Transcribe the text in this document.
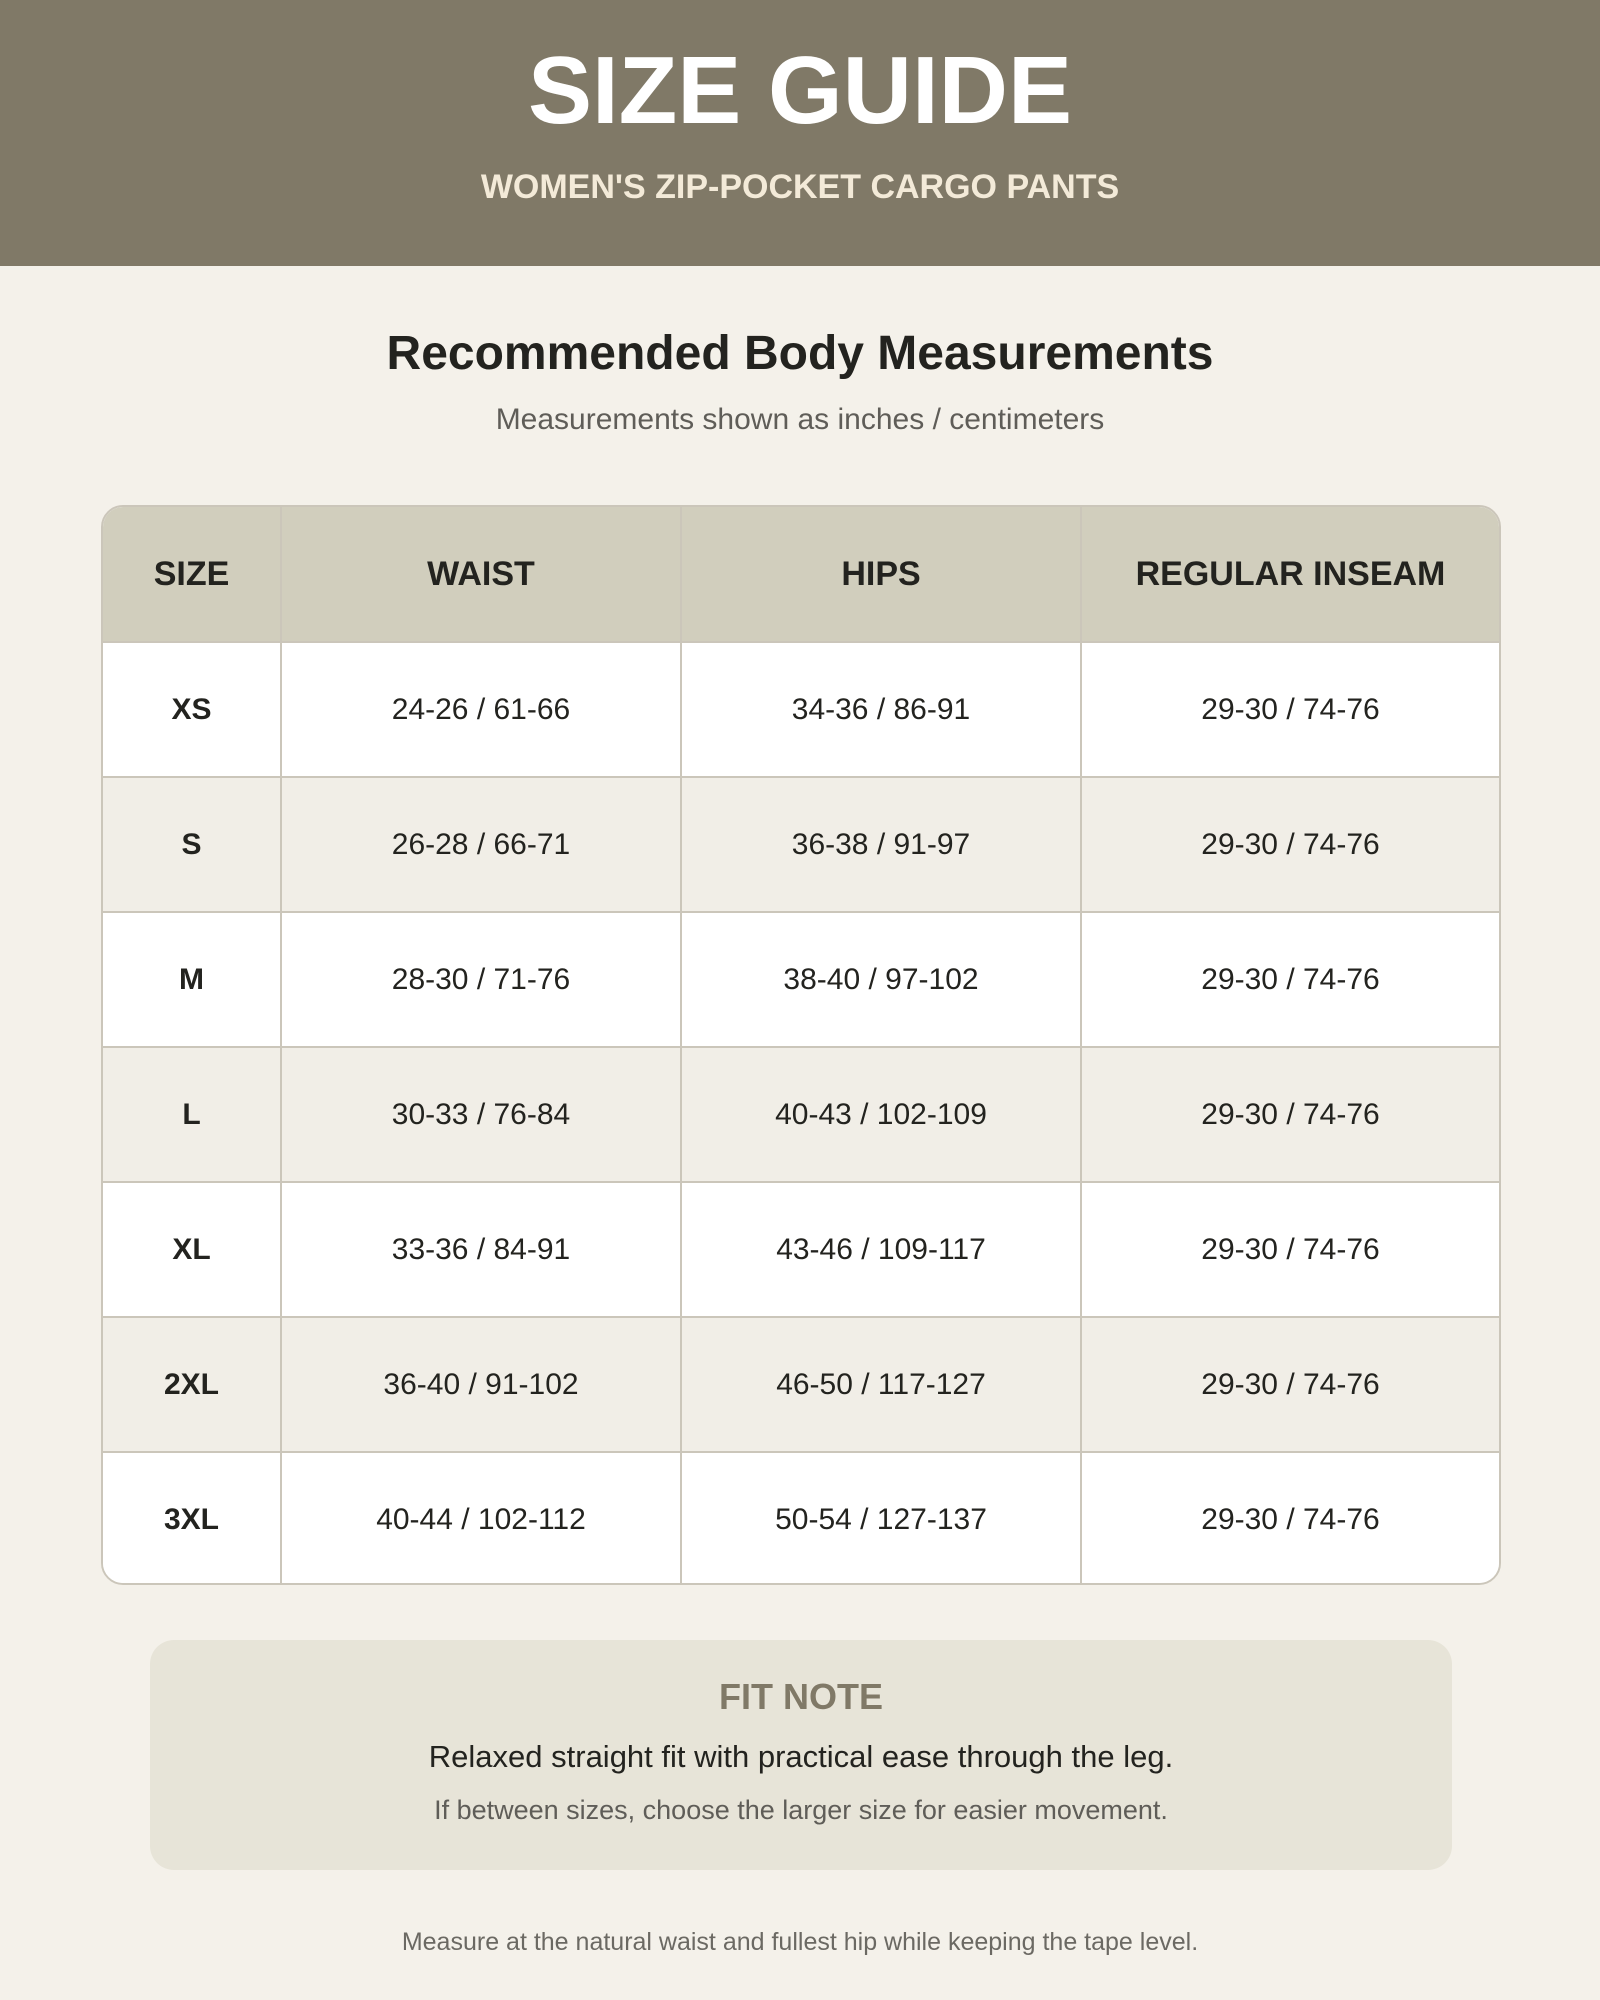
SIZE GUIDE
WOMEN'S ZIP-POCKET CARGO PANTS
Recommended Body Measurements
Measurements shown as inches / centimeters
SIZE	WAIST	HIPS	REGULAR INSEAM
XS	24-26 / 61-66	34-36 / 86-91	29-30 / 74-76
S	26-28 / 66-71	36-38 / 91-97	29-30 / 74-76
M	28-30 / 71-76	38-40 / 97-102	29-30 / 74-76
L	30-33 / 76-84	40-43 / 102-109	29-30 / 74-76
XL	33-36 / 84-91	43-46 / 109-117	29-30 / 74-76
2XL	36-40 / 91-102	46-50 / 117-127	29-30 / 74-76
3XL	40-44 / 102-112	50-54 / 127-137	29-30 / 74-76
FIT NOTE
Relaxed straight fit with practical ease through the leg.
If between sizes, choose the larger size for easier movement.
Measure at the natural waist and fullest hip while keeping the tape level.
